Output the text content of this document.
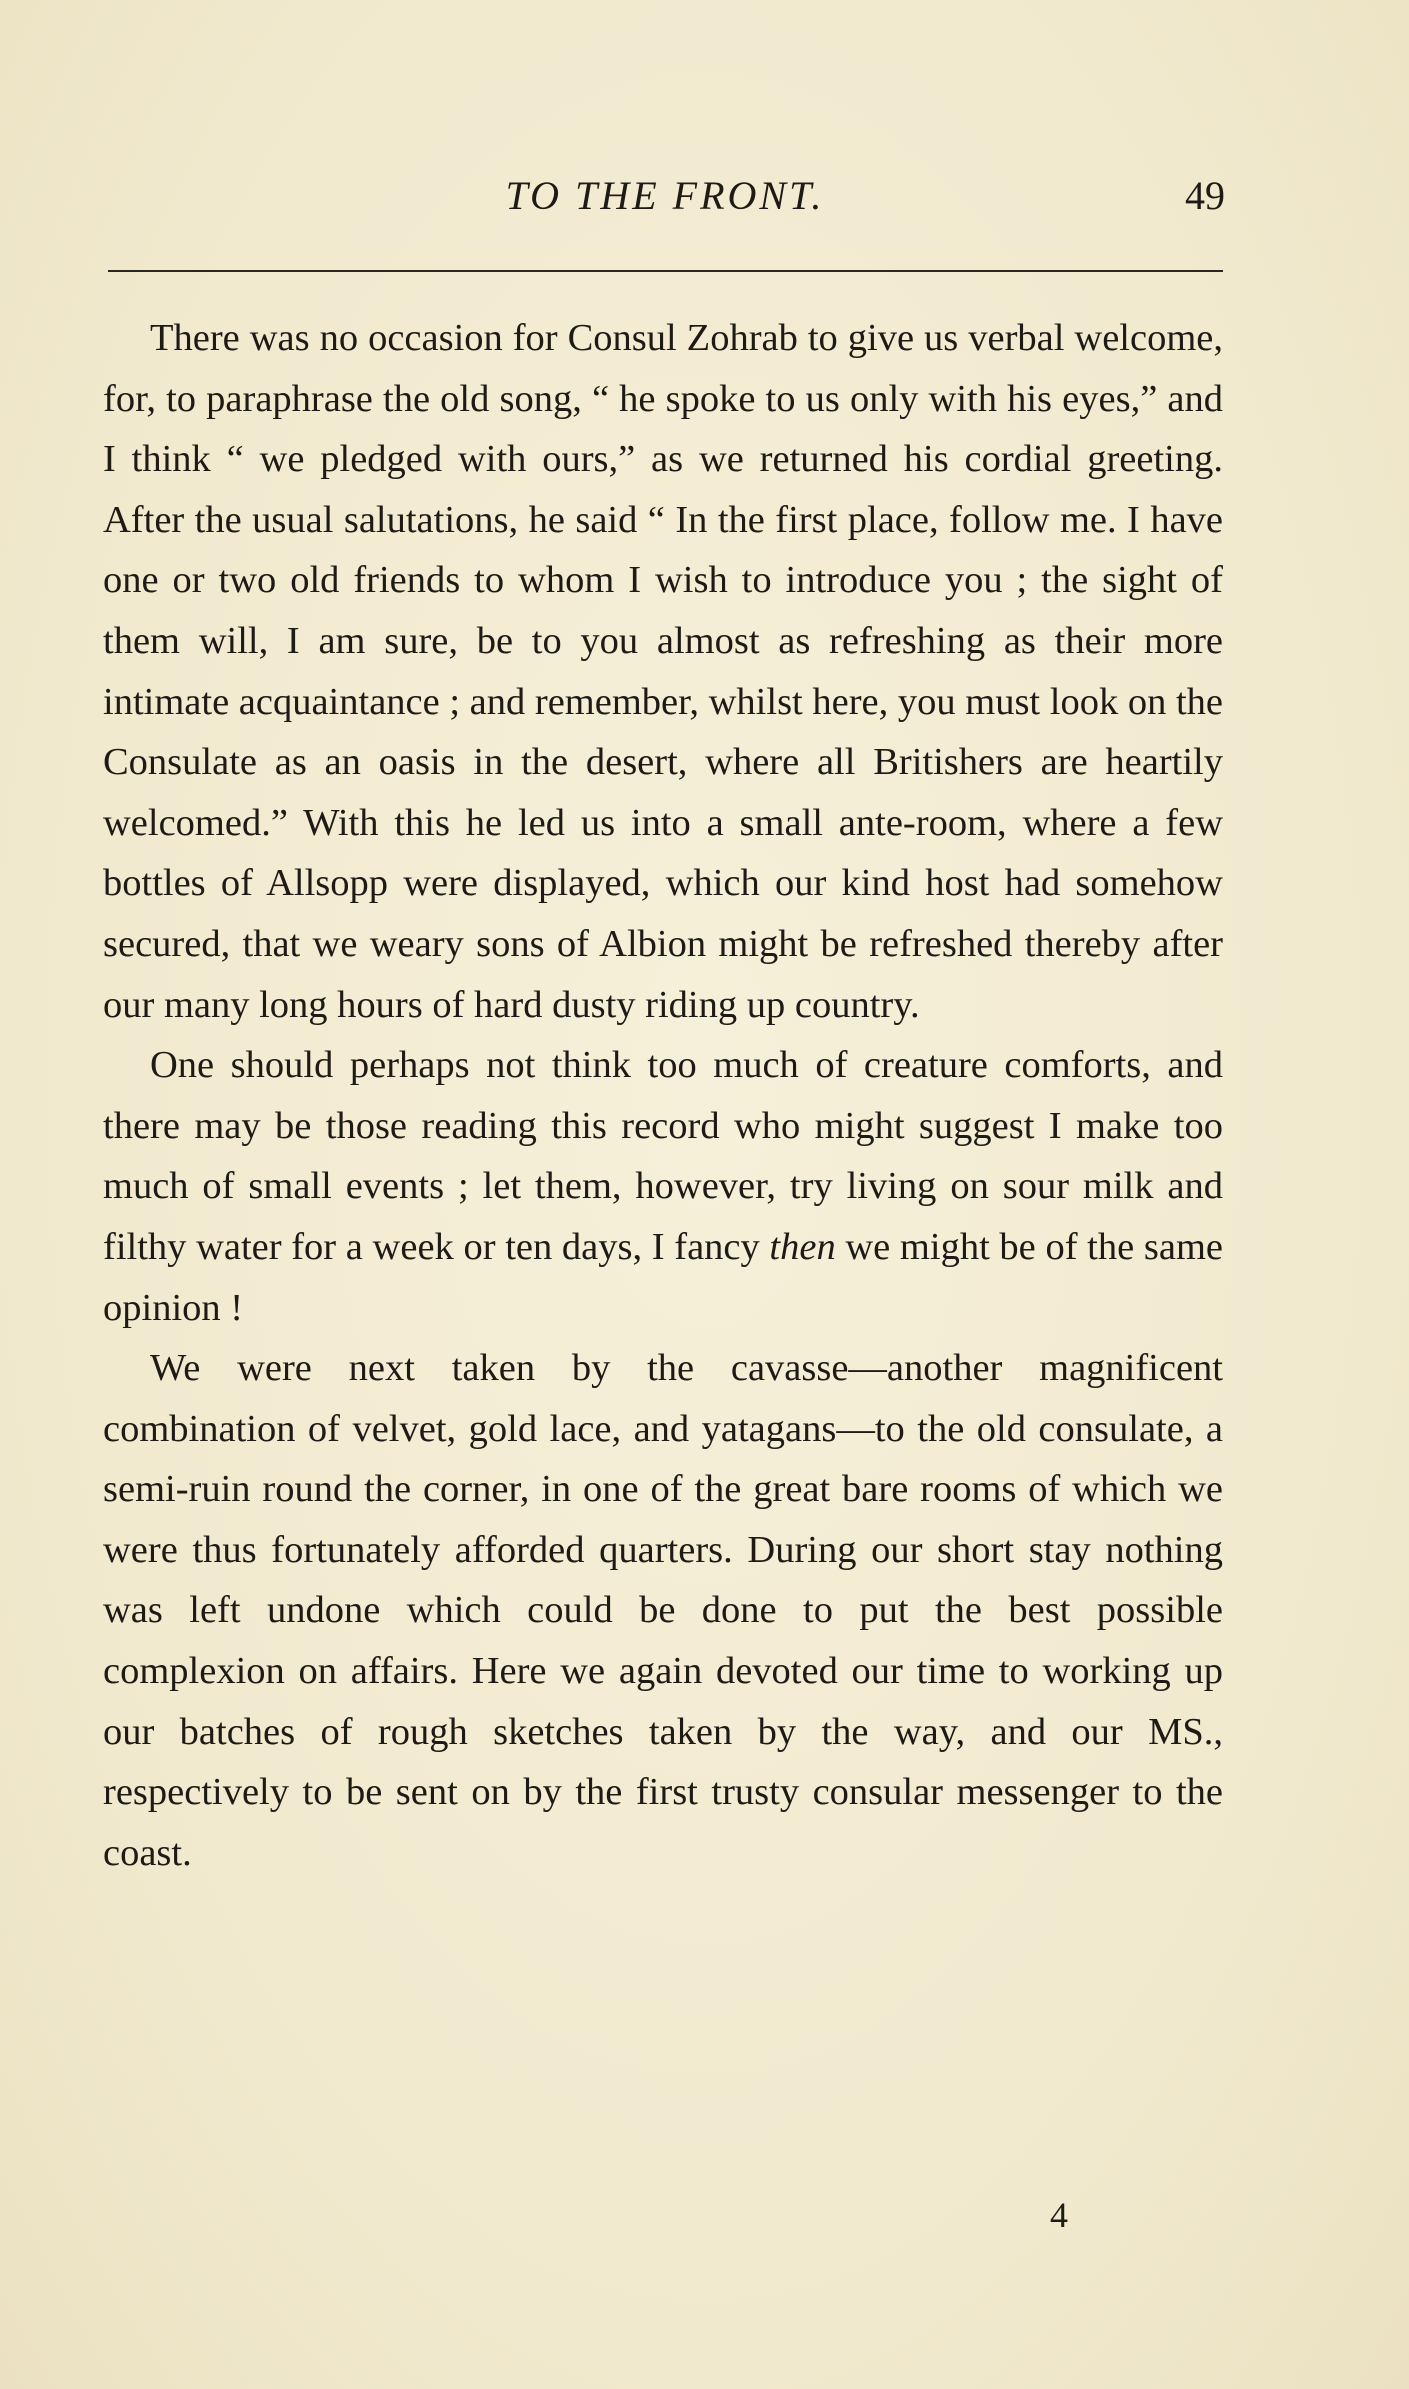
TO THE FRONT.	49

There was no occasion for Consul Zohrab to give us verbal welcome, for, to paraphrase the old song, “ he spoke to us only with his eyes,” and I think “ we pledged with ours,” as we returned his cordial greeting. After the usual salutations, he said “ In the first place, follow me. I have one or two old friends to whom I wish to introduce you ; the sight of them will, I am sure, be to you almost as refreshing as their more intimate acquaintance ; and remember, whilst here, you must look on the Consulate as an oasis in the desert, where all Britishers are heartily welcomed.” With this he led us into a small ante-room, where a few bottles of Allsopp were displayed, which our kind host had somehow secured, that we weary sons of Albion might be refreshed thereby after our many long hours of hard dusty riding up country.

One should perhaps not think too much of creature comforts, and there may be those reading this record who might suggest I make too much of small events ; let them, however, try living on sour milk and filthy water for a week or ten days, I fancy then we might be of the same opinion !

We were next taken by the cavasse—another magnificent combination of velvet, gold lace, and yatagans—to the old consulate, a semi-ruin round the corner, in one of the great bare rooms of which we were thus fortunately afforded quarters. During our short stay nothing was left undone which could be done to put the best possible complexion on affairs. Here we again devoted our time to working up our batches of rough sketches taken by the way, and our MS., respectively to be sent on by the first trusty consular messenger to the coast.

4
